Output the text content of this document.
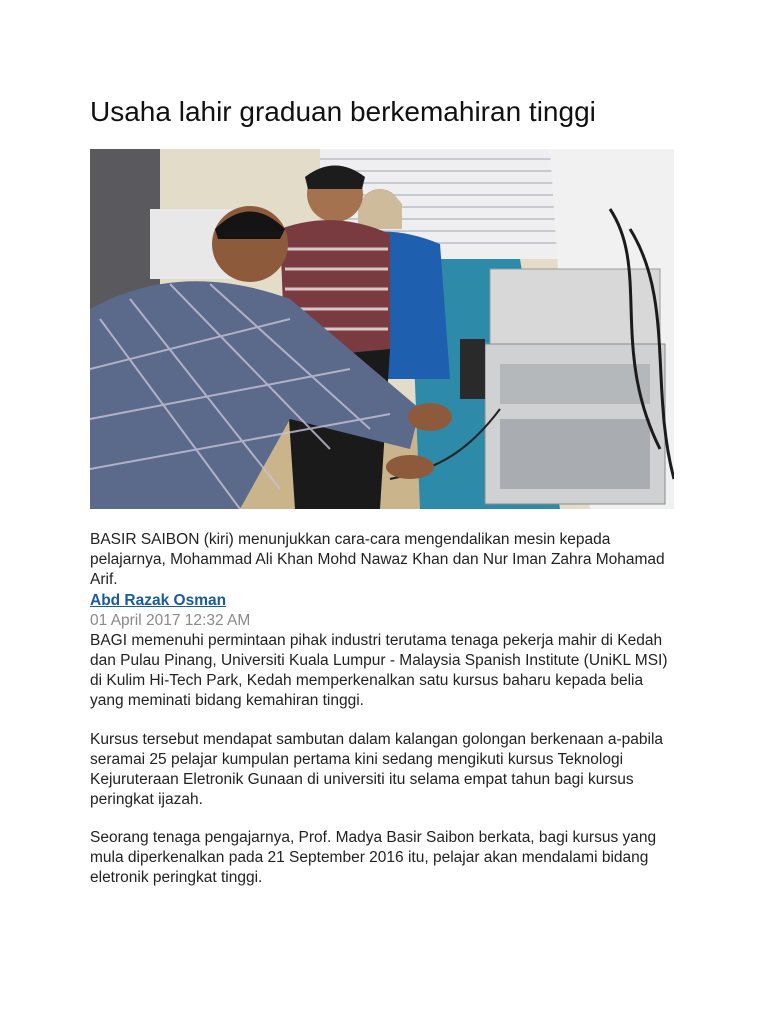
Usaha lahir graduan berkemahiran tinggi

BASIR SAIBON (kiri) menunjukkan cara-cara mengendalikan mesin kepada pelajarnya, Mohammad Ali Khan Mohd Nawaz Khan dan Nur Iman Zahra Mohamad Arif.

Abd Razak Osman

01 April 2017 12:32 AM

BAGI memenuhi permintaan pihak industri terutama tenaga pekerja mahir di Kedah dan Pulau Pinang, Universiti Kuala Lumpur - Malaysia Spanish Institute (UniKL MSI) di Kulim Hi-Tech Park, Kedah memperkenalkan satu kursus baharu kepada belia yang meminati bidang kemahiran tinggi.

Kursus tersebut mendapat sambutan dalam kalangan golongan berkenaan a-pabila seramai 25 pelajar kumpulan pertama kini sedang mengikuti kursus Teknologi Kejuruteraan Eletronik Gunaan di universiti itu selama empat tahun bagi kursus peringkat ijazah.

Seorang tenaga pengajarnya, Prof. Madya Basir Saibon berkata, bagi kursus yang mula diperkenalkan pada 21 September 2016 itu, pelajar akan mendalami bidang eletronik peringkat tinggi.
